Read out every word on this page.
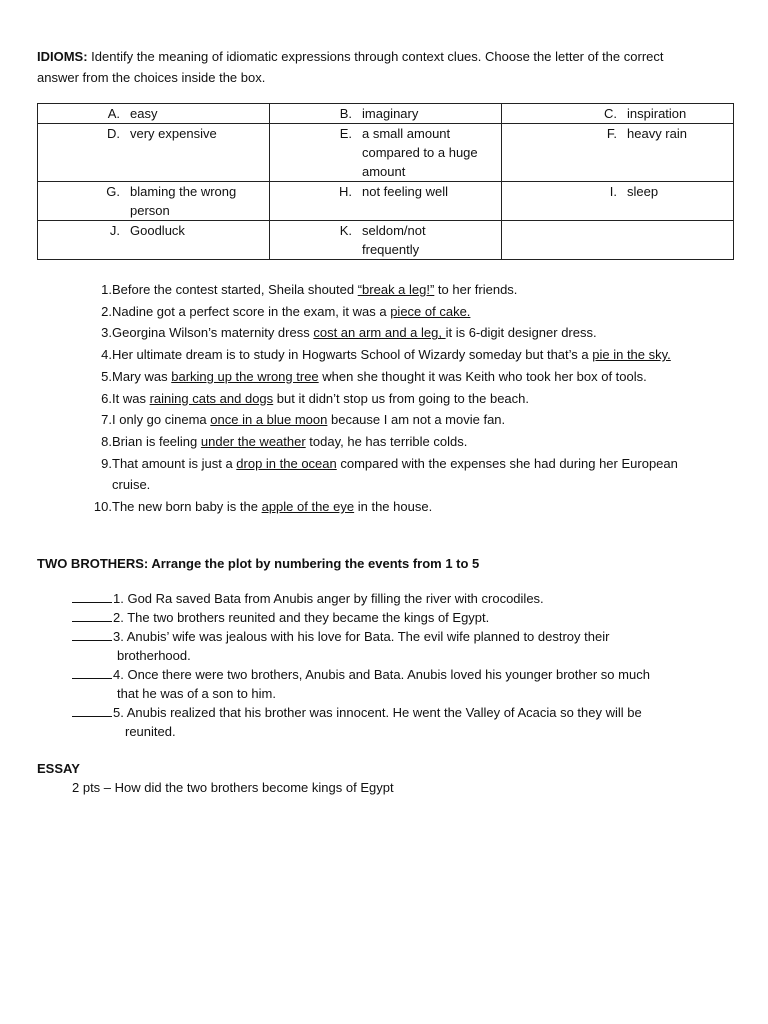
IDIOMS: Identify the meaning of idiomatic expressions through context clues. Choose the letter of the correct answer from the choices inside the box.

A. easy	B. imaginary	C. inspiration

D. very expensive	E. a small amount compared to a huge amount	F. heavy rain

G. blaming the wrong person	H. not feeling well	I. sleep

J. Goodluck	K. seldom/not frequently	

1. Before the contest started, Sheila shouted “break a leg!” to her friends.
2. Nadine got a perfect score in the exam, it was a piece of cake.
3. Georgina Wilson’s maternity dress cost an arm and a leg, it is 6-digit designer dress.
4. Her ultimate dream is to study in Hogwarts School of Wizardy someday but that’s a pie in the sky.
5. Mary was barking up the wrong tree when she thought it was Keith who took her box of tools.
6. It was raining cats and dogs but it didn’t stop us from going to the beach.
7. I only go cinema once in a blue moon because I am not a movie fan.
8. Brian is feeling under the weather today, he has terrible colds.
9. That amount is just a drop in the ocean compared with the expenses she had during her European cruise.
10. The new born baby is the apple of the eye in the house.

TWO BROTHERS: Arrange the plot by numbering the events from 1 to 5

1. God Ra saved Bata from Anubis anger by filling the river with crocodiles.
2. The two brothers reunited and they became the kings of Egypt.
3. Anubis’ wife was jealous with his love for Bata. The evil wife planned to destroy their
brotherhood.
4. Once there were two brothers, Anubis and Bata. Anubis loved his younger brother so much
that he was of a son to him.
5. Anubis realized that his brother was innocent. He went the Valley of Acacia so they will be
reunited.

ESSAY

2 pts – How did the two brothers become kings of Egypt
